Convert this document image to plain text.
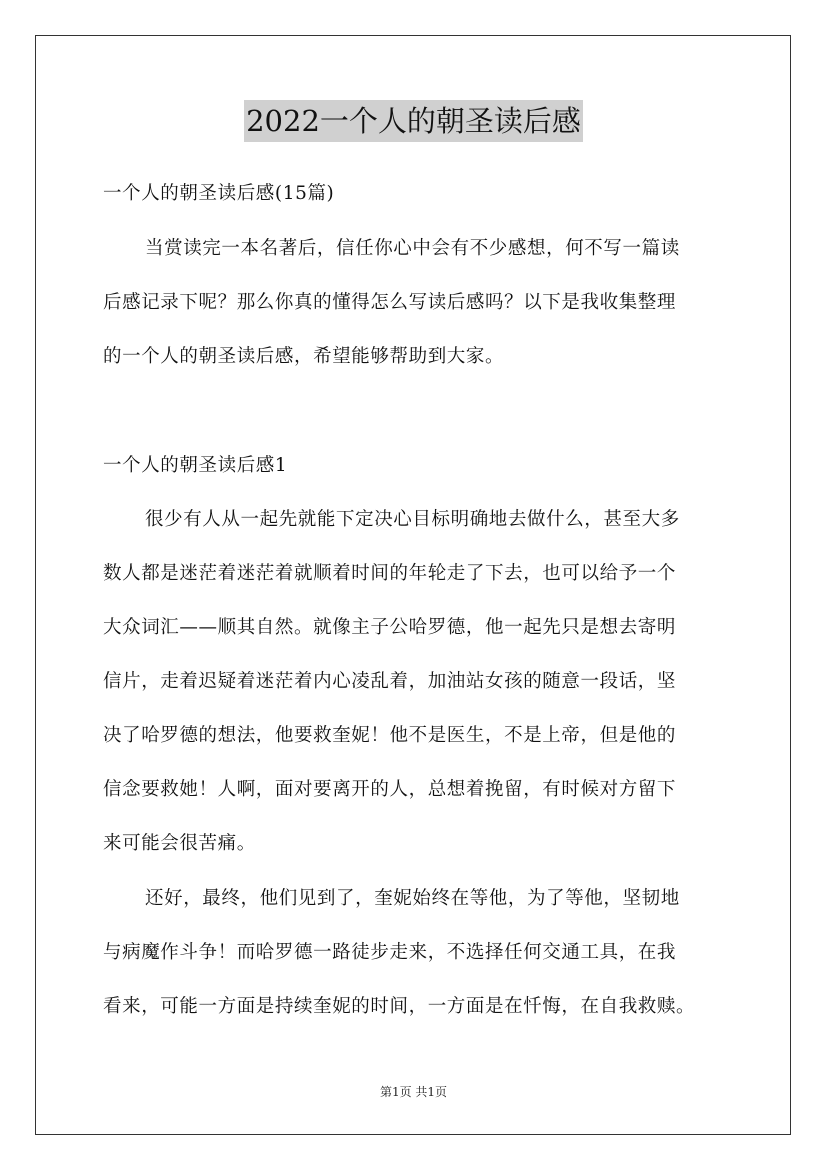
2022一个人的朝圣读后感
一个人的朝圣读后感(15篇)
当赏读完一本名著后，信任你心中会有不少感想，何不写一篇读
后感记录下呢？那么你真的懂得怎么写读后感吗？以下是我收集整理
的一个人的朝圣读后感，希望能够帮助到大家。
一个人的朝圣读后感1
很少有人从一起先就能下定决心目标明确地去做什么，甚至大多
数人都是迷茫着迷茫着就顺着时间的年轮走了下去，也可以给予一个
大众词汇——顺其自然。就像主子公哈罗德，他一起先只是想去寄明
信片，走着迟疑着迷茫着内心凌乱着，加油站女孩的随意一段话，坚
决了哈罗德的想法，他要救奎妮！他不是医生，不是上帝，但是他的
信念要救她！人啊，面对要离开的人，总想着挽留，有时候对方留下
来可能会很苦痛。
还好，最终，他们见到了，奎妮始终在等他，为了等他，坚韧地
与病魔作斗争！而哈罗德一路徒步走来，不选择任何交通工具，在我
看来，可能一方面是持续奎妮的时间，一方面是在忏悔，在自我救赎。
第1页 共1页
